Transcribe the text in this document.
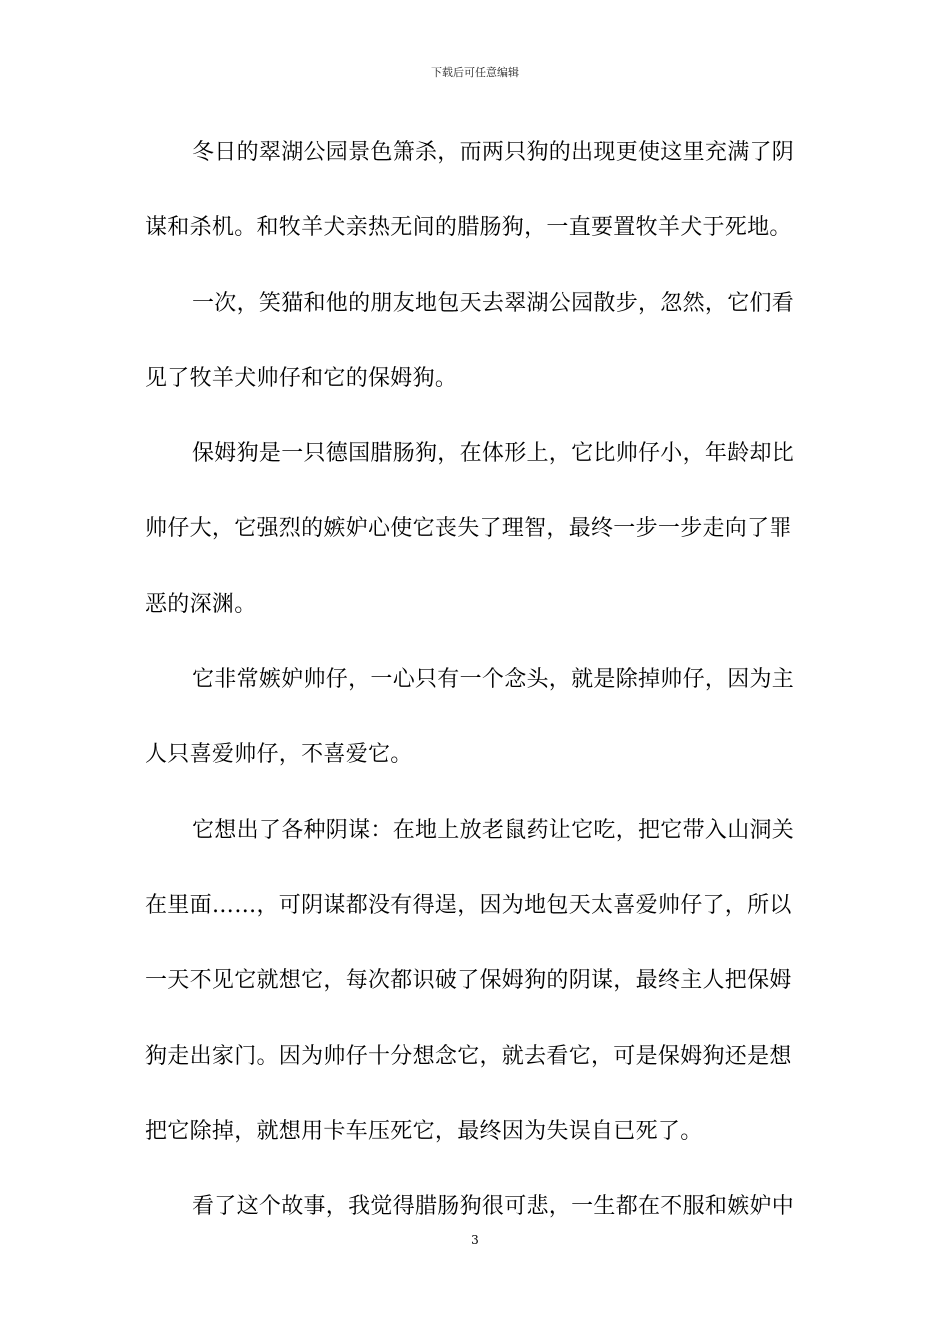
下载后可任意编辑
冬日的翠湖公园景色箫杀，而两只狗的出现更使这里充满了阴
谋和杀机。和牧羊犬亲热无间的腊肠狗，一直要置牧羊犬于死地。
一次，笑猫和他的朋友地包天去翠湖公园散步，忽然，它们看
见了牧羊犬帅仔和它的保姆狗。
保姆狗是一只德国腊肠狗，在体形上，它比帅仔小，年龄却比
帅仔大，它强烈的嫉妒心使它丧失了理智，最终一步一步走向了罪
恶的深渊。
它非常嫉妒帅仔，一心只有一个念头，就是除掉帅仔，因为主
人只喜爱帅仔，不喜爱它。
它想出了各种阴谋：在地上放老鼠药让它吃，把它带入山洞关
在里面……，可阴谋都没有得逞，因为地包天太喜爱帅仔了，所以
一天不见它就想它，每次都识破了保姆狗的阴谋，最终主人把保姆
狗走出家门。因为帅仔十分想念它，就去看它，可是保姆狗还是想
把它除掉，就想用卡车压死它，最终因为失误自已死了。
看了这个故事，我觉得腊肠狗很可悲，一生都在不服和嫉妒中
3
